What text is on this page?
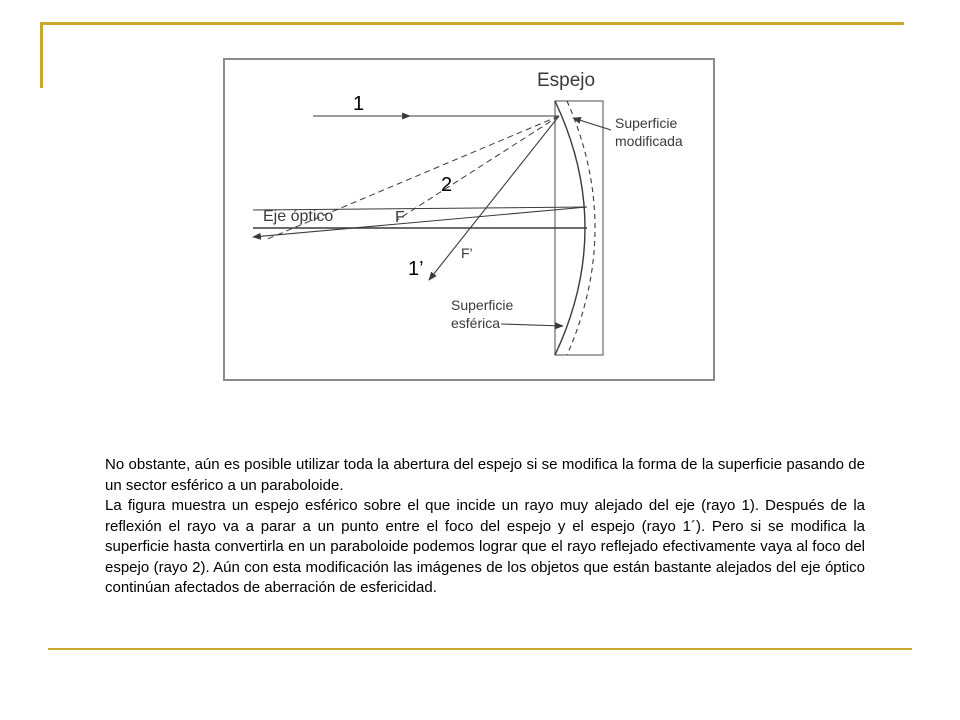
Espejo
Superficie
modificada
Eje óptico	F
F’
Superficie
esférica
1
2
1’

No obstante, aún es posible utilizar toda la abertura del espejo si se modifica la forma de la superficie pasando de un sector esférico a un paraboloide.

La figura muestra un espejo esférico sobre el que incide un rayo muy alejado del eje (rayo 1). Después de la reflexión el rayo va a parar a un punto entre el foco del espejo y el espejo (rayo 1´). Pero si se modifica la superficie hasta convertirla en un paraboloide podemos lograr que el rayo reflejado efectivamente vaya al foco del espejo (rayo 2). Aún con esta modificación las imágenes de los objetos que están bastante alejados del eje óptico continúan afectados de aberración de esfericidad.
